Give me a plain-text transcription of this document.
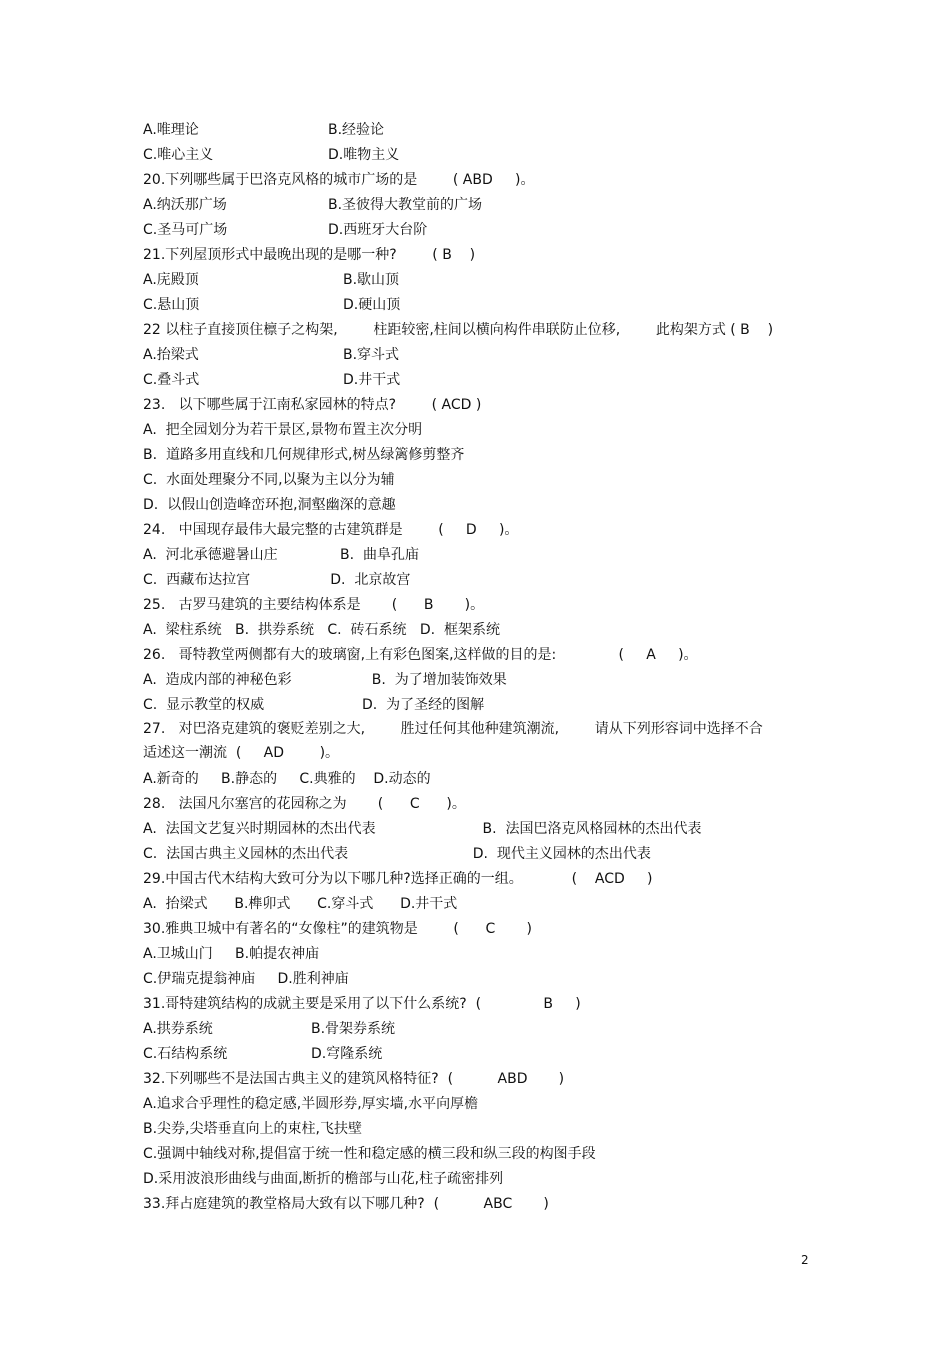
A.唯理论	B.经验论
C.唯心主义	D.唯物主义
20.下列哪些属于巴洛克风格的城市广场的是        ( ABD     )。
A.纳沃那广场	B.圣彼得大教堂前的广场
C.圣马可广场	D.西班牙大台阶
21.下列屋顶形式中最晚出现的是哪一种?        ( B    )
A.庑殿顶	B.歇山顶
C.悬山顶	D.硬山顶
22 以柱子直接顶住檩子之构架,        柱距较密,柱间以横向构件串联防止位移,        此构架方式 ( B    )
A.抬梁式	B.穿斗式
C.叠斗式	D.井干式
23.   以下哪些属于江南私家园林的特点?        ( ACD )
A.  把全园划分为若干景区,景物布置主次分明
B.  道路多用直线和几何规律形式,树丛绿篱修剪整齐
C.  水面处理聚分不同,以聚为主以分为辅
D.  以假山创造峰峦环抱,洞壑幽深的意趣
24.   中国现存最伟大最完整的古建筑群是        (     D     )。
A.  河北承德避暑山庄              B.  曲阜孔庙
C.  西藏布达拉宫                  D.  北京故宫
25.   古罗马建筑的主要结构体系是       (      B       )。
A.  梁柱系统   B.  拱券系统   C.  砖石系统   D.  框架系统
26.   哥特教堂两侧都有大的玻璃窗,上有彩色图案,这样做的目的是:              (     A     )。
A.  造成内部的神秘色彩                  B.  为了增加装饰效果
C.  显示教堂的权威                      D.  为了圣经的图解
27.   对巴洛克建筑的褒贬差别之大,        胜过任何其他种建筑潮流,        请从下列形容词中选择不合
适述这一潮流  (     AD        )。
A.新奇的     B.静态的     C.典雅的    D.动态的
28.   法国凡尔塞宫的花园称之为       (      C      )。
A.  法国文艺复兴时期园林的杰出代表                        B.  法国巴洛克风格园林的杰出代表
C.  法国古典主义园林的杰出代表                            D.  现代主义园林的杰出代表
29.中国古代木结构大致可分为以下哪几种?选择正确的一组。           (    ACD     )
A.  抬梁式      B.榫卯式      C.穿斗式      D.井干式
30.雅典卫城中有著名的“女像柱”的建筑物是        (      C       )
A.卫城山门     B.帕提农神庙
C.伊瑞克提翁神庙     D.胜利神庙
31.哥特建筑结构的成就主要是采用了以下什么系统?  (              B     )
A.拱券系统	B.骨架券系统
C.石结构系统	D.穹隆系统
32.下列哪些不是法国古典主义的建筑风格特征?  (          ABD       )
A.追求合乎理性的稳定感,半圆形券,厚实墙,水平向厚檐
B.尖券,尖塔垂直向上的束柱,飞扶壁
C.强调中轴线对称,提倡富于统一性和稳定感的横三段和纵三段的构图手段
D.采用波浪形曲线与曲面,断折的檐部与山花,柱子疏密排列
33.拜占庭建筑的教堂格局大致有以下哪几种?  (          ABC       )
2
